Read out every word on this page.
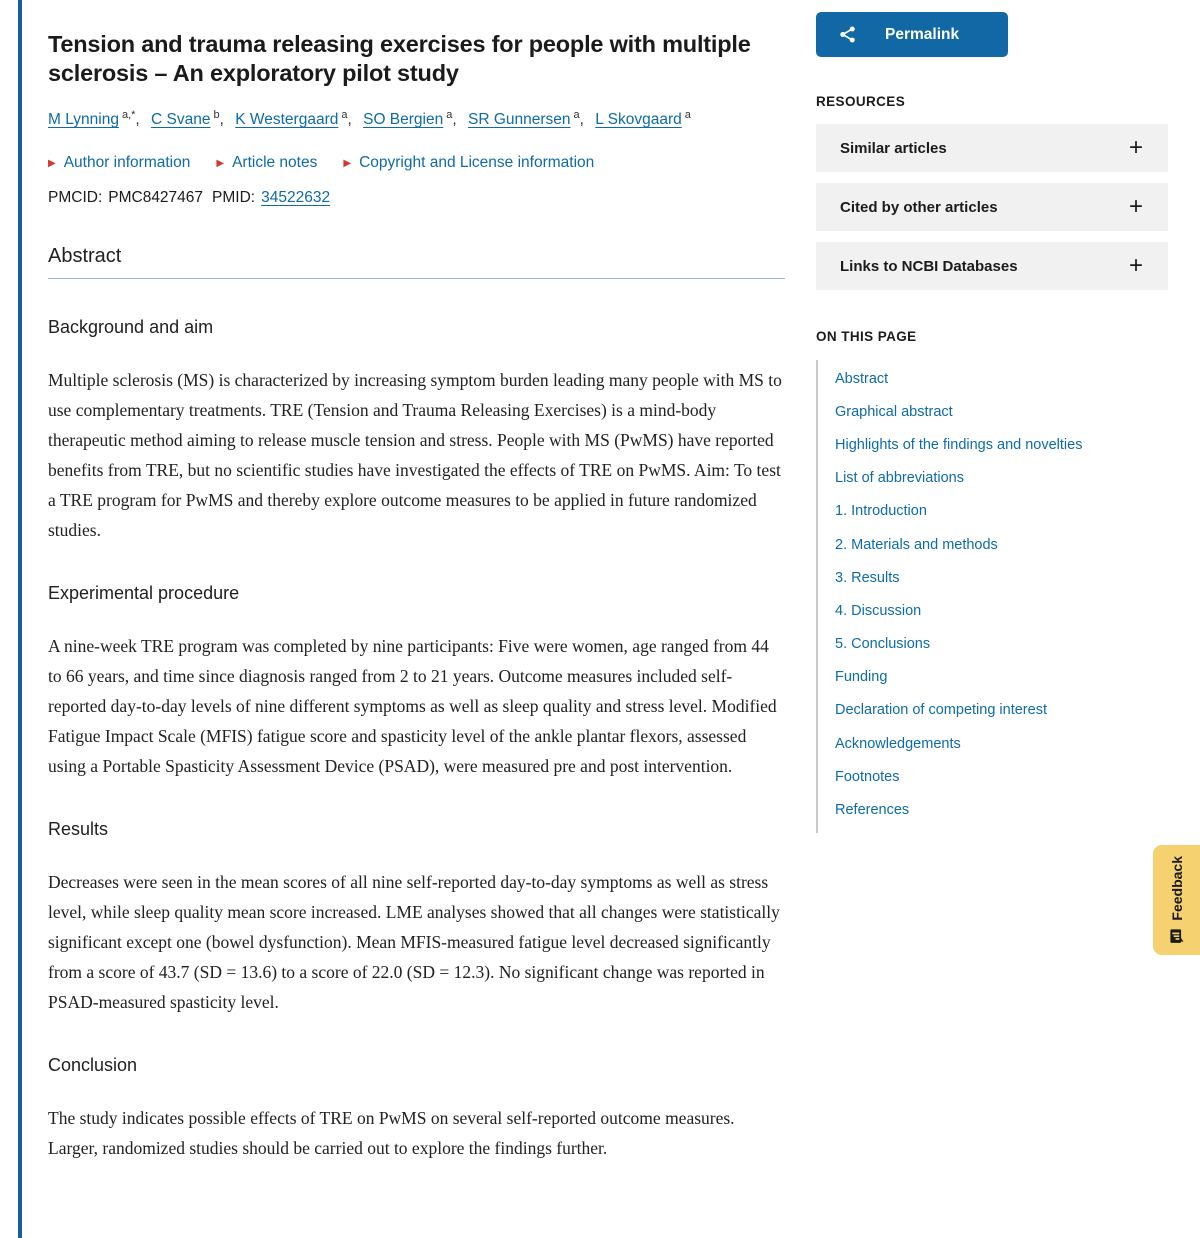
Tension and trauma releasing exercises for people with multiple sclerosis – An exploratory pilot study
M Lynning $^{a,*}$, C Svane $^b$, K Westergaard $^a$, SO Bergien $^a$, SR Gunnersen $^a$, L Skovgaard $^a$
▶ Author information	▶ Article notes	▶ Copyright and License information
PMCID: PMC8427467 PMID: 34522632
Abstract
Background and aim

Multiple sclerosis (MS) is characterized by increasing symptom burden leading many people with MS to use complementary treatments. TRE (Tension and Trauma Releasing Exercises) is a mind-body therapeutic method aiming to release muscle tension and stress. People with MS (PwMS) have reported benefits from TRE, but no scientific studies have investigated the effects of TRE on PwMS. Aim: To test a TRE program for PwMS and thereby explore outcome measures to be applied in future randomized studies.

Experimental procedure

A nine-week TRE program was completed by nine participants: Five were women, age ranged from 44 to 66 years, and time since diagnosis ranged from 2 to 21 years. Outcome measures included self-reported day-to-day levels of nine different symptoms as well as sleep quality and stress level. Modified Fatigue Impact Scale (MFIS) fatigue score and spasticity level of the ankle plantar flexors, assessed using a Portable Spasticity Assessment Device (PSAD), were measured pre and post intervention.

Results

Decreases were seen in the mean scores of all nine self-reported day-to-day symptoms as well as stress level, while sleep quality mean score increased. LME analyses showed that all changes were statistically significant except one (bowel dysfunction). Mean MFIS-measured fatigue level decreased significantly from a score of 43.7 (SD = 13.6) to a score of 22.0 (SD = 12.3). No significant change was reported in PSAD-measured spasticity level.

Conclusion

The study indicates possible effects of TRE on PwMS on several self-reported outcome measures. Larger, randomized studies should be carried out to explore the findings further.

Permalink
RESOURCES
Similar articles	+
Cited by other articles	+
Links to NCBI Databases	+
ON THIS PAGE
Abstract
Graphical abstract
Highlights of the findings and novelties
List of abbreviations
1. Introduction
2. Materials and methods
3. Results
4. Discussion
5. Conclusions
Funding
Declaration of competing interest
Acknowledgements
Footnotes
References
Feedback
